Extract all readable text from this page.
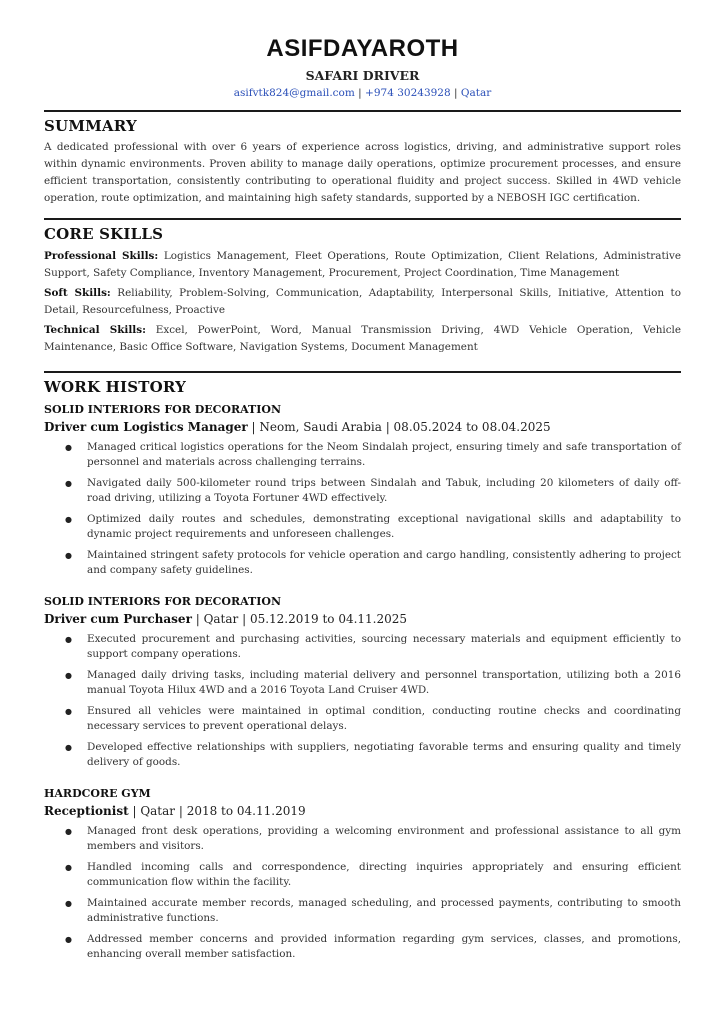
ASIFDAYAROTH
SAFARI DRIVER
asifvtk824@gmail.com | +974 30243928 | Qatar
SUMMARY
A dedicated professional with over 6 years of experience across logistics, driving, and administrative support roles within dynamic environments. Proven ability to manage daily operations, optimize procurement processes, and ensure efficient transportation, consistently contributing to operational fluidity and project success. Skilled in 4WD vehicle operation, route optimization, and maintaining high safety standards, supported by a NEBOSH IGC certification.
CORE SKILLS
Professional Skills: Logistics Management, Fleet Operations, Route Optimization, Client Relations, Administrative Support, Safety Compliance, Inventory Management, Procurement, Project Coordination, Time Management
Soft Skills: Reliability, Problem-Solving, Communication, Adaptability, Interpersonal Skills, Initiative, Attention to Detail, Resourcefulness, Proactive
Technical Skills: Excel, PowerPoint, Word, Manual Transmission Driving, 4WD Vehicle Operation, Vehicle Maintenance, Basic Office Software, Navigation Systems, Document Management
WORK HISTORY
SOLID INTERIORS FOR DECORATION
Driver cum Logistics Manager | Neom, Saudi Arabia | 08.05.2024 to 08.04.2025
● Managed critical logistics operations for the Neom Sindalah project, ensuring timely and safe transportation of personnel and materials across challenging terrains.
● Navigated daily 500-kilometer round trips between Sindalah and Tabuk, including 20 kilometers of daily off-road driving, utilizing a Toyota Fortuner 4WD effectively.
● Optimized daily routes and schedules, demonstrating exceptional navigational skills and adaptability to dynamic project requirements and unforeseen challenges.
● Maintained stringent safety protocols for vehicle operation and cargo handling, consistently adhering to project and company safety guidelines.
SOLID INTERIORS FOR DECORATION
Driver cum Purchaser | Qatar | 05.12.2019 to 04.11.2025
● Executed procurement and purchasing activities, sourcing necessary materials and equipment efficiently to support company operations.
● Managed daily driving tasks, including material delivery and personnel transportation, utilizing both a 2016 manual Toyota Hilux 4WD and a 2016 Toyota Land Cruiser 4WD.
● Ensured all vehicles were maintained in optimal condition, conducting routine checks and coordinating necessary services to prevent operational delays.
● Developed effective relationships with suppliers, negotiating favorable terms and ensuring quality and timely delivery of goods.
HARDCORE GYM
Receptionist | Qatar | 2018 to 04.11.2019
● Managed front desk operations, providing a welcoming environment and professional assistance to all gym members and visitors.
● Handled incoming calls and correspondence, directing inquiries appropriately and ensuring efficient communication flow within the facility.
● Maintained accurate member records, managed scheduling, and processed payments, contributing to smooth administrative functions.
● Addressed member concerns and provided information regarding gym services, classes, and promotions, enhancing overall member satisfaction.
